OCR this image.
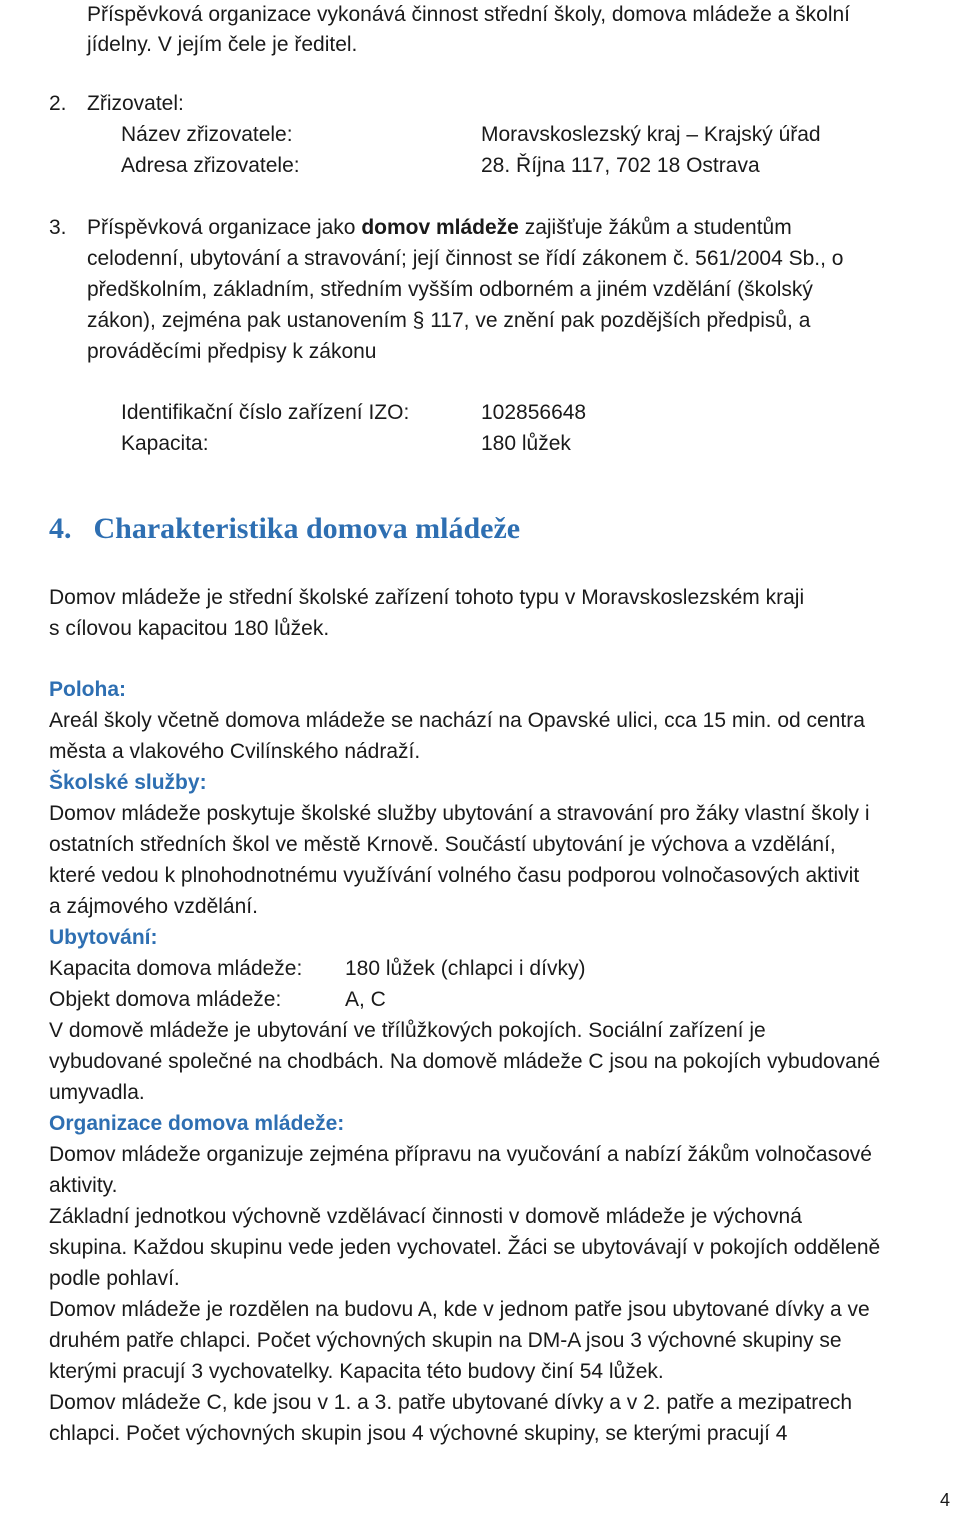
Příspěvková organizace vykonává činnost střední školy, domova mládeže a školní
jídelny. V jejím čele je ředitel.
2. Zřizovatel:
Název zřizovatele:	Moravskoslezský kraj – Krajský úřad
Adresa zřizovatele:	28. Října 117, 702 18 Ostrava
3. Příspěvková organizace jako domov mládeže zajišťuje žákům a studentům
celodenní, ubytování a stravování; její činnost se řídí zákonem č. 561/2004 Sb., o
předškolním, základním, středním vyšším odborném a jiném vzdělání (školský
zákon), zejména pak ustanovením § 117, ve znění pak pozdějších předpisů, a
prováděcími předpisy k zákonu
Identifikační číslo zařízení IZO:	102856648
Kapacita:	180 lůžek
4. Charakteristika domova mládeže
Domov mládeže je střední školské zařízení tohoto typu v Moravskoslezském kraji
s cílovou kapacitou 180 lůžek.
Poloha:
Areál školy včetně domova mládeže se nachází na Opavské ulici, cca 15 min. od centra
města a vlakového Cvilínského nádraží.
Školské služby:
Domov mládeže poskytuje školské služby ubytování a stravování pro žáky vlastní školy i
ostatních středních škol ve městě Krnově. Součástí ubytování je výchova a vzdělání,
které vedou k plnohodnotnému využívání volného času podporou volnočasových aktivit
a zájmového vzdělání.
Ubytování:
Kapacita domova mládeže: 180 lůžek (chlapci i dívky)
Objekt domova mládeže:	A, C
V domově mládeže je ubytování ve třílůžkových pokojích. Sociální zařízení je
vybudované společné na chodbách. Na domově mládeže C jsou na pokojích vybudované
umyvadla.
Organizace domova mládeže:
Domov mládeže organizuje zejména přípravu na vyučování a nabízí žákům volnočasové
aktivity.
Základní jednotkou výchovně vzdělávací činnosti v domově mládeže je výchovná
skupina. Každou skupinu vede jeden vychovatel. Žáci se ubytovávají v pokojích odděleně
podle pohlaví.
Domov mládeže je rozdělen na budovu A, kde v jednom patře jsou ubytované dívky a ve
druhém patře chlapci. Počet výchovných skupin na DM-A jsou 3 výchovné skupiny se
kterými pracují 3 vychovatelky. Kapacita této budovy činí 54 lůžek.
Domov mládeže C, kde jsou v 1. a 3. patře ubytované dívky a v 2. patře a mezipatrech
chlapci. Počet výchovných skupin jsou 4 výchovné skupiny, se kterými pracují 4
4
